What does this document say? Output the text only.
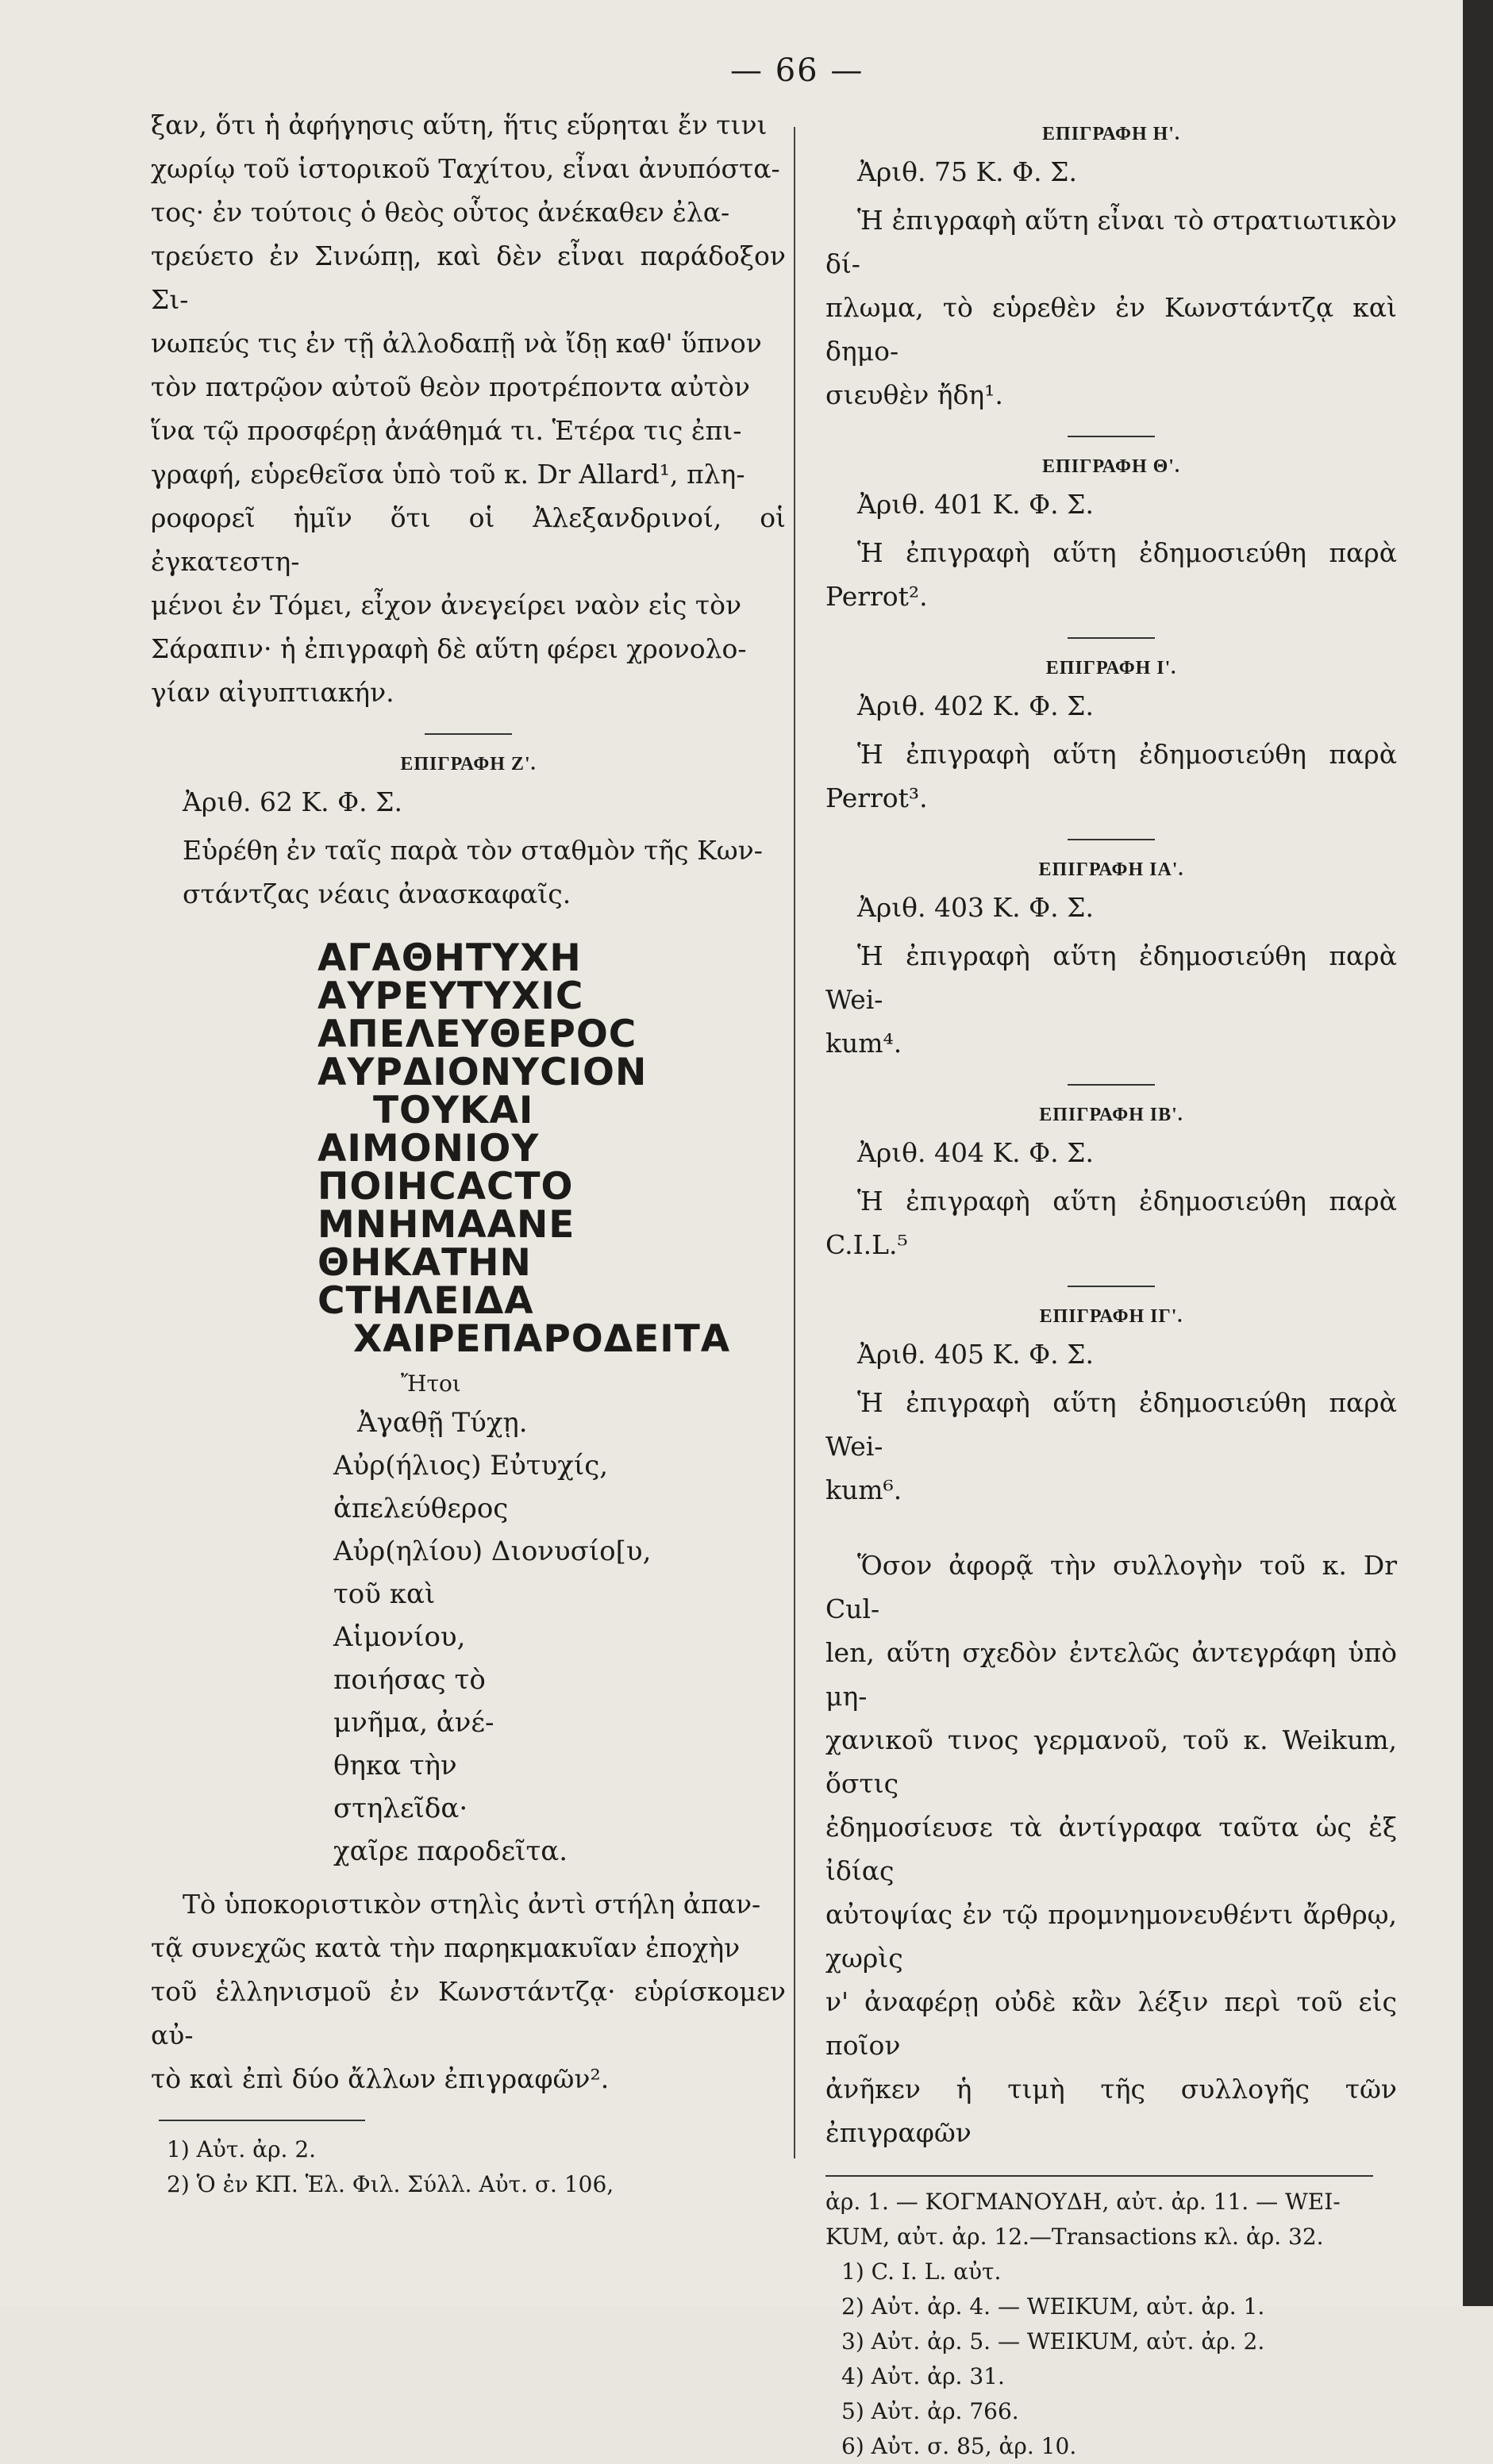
— 66 —

ξαν, ὅτι ἡ ἀφήγησις αὕτη, ἥτις εὕρηται ἔν τινι

χωρίῳ τοῦ ἱστορικοῦ Ταχίτου, εἶναι ἀνυπόστα-

τος· ἐν τούτοις ὁ θεὸς οὗτος ἀνέκαθεν ἐλα-

τρεύετο ἐν Σινώπῃ, καὶ δὲν εἶναι παράδοξον Σι-

νωπεύς τις ἐν τῇ ἀλλοδαπῇ νὰ ἴδῃ καθ' ὕπνον

τὸν πατρῷον αὐτοῦ θεὸν προτρέποντα αὐτὸν

ἵνα τῷ προσφέρῃ ἀνάθημά τι. Ἑτέρα τις ἐπι-

γραφή, εὑρεθεῖσα ὑπὸ τοῦ κ. Dr Allard¹, πλη-

ροφορεῖ ἡμῖν ὅτι οἱ Ἀλεξανδρινοί, οἱ ἐγκατεστη-

μένοι ἐν Τόμει, εἶχον ἀνεγείρει ναὸν εἰς τὸν

Σάραπιν· ἡ ἐπιγραφὴ δὲ αὕτη φέρει χρονολο-

γίαν αἰγυπτιακήν.

ΕΠΙΓΡΑΦΗ Ζ'.
Ἀριθ. 62 Κ. Φ. Σ.

Εὑρέθη ἐν ταῖς παρὰ τὸν σταθμὸν τῆς Κων-

στάντζας νέαις ἀνασκαφαῖς.

ΑΓΑΘΗΤΥΧΗ
ΑΥΡΕΥΤΥΧΙC
ΑΠΕΛΕΥΘΕΡΟC
ΑΥΡΔΙΟΝΥCΙΟΝ
ΤΟΥΚΑΙ
ΑΙΜΟΝΙΟΥ
ΠΟΙΗCΑCΤΟ
ΜΝΗΜΑΑΝΕ
ΘΗΚΑΤΗΝ
CΤΗΛΕΙΔΑ
ΧΑΙΡΕΠΑΡΟΔΕΙΤΑ
Ἤτοι
Ἀγαθῇ Τύχῃ.
Αὐρ(ήλιος) Εὐτυχίς,
ἀπελεύθερος
Αὐρ(ηλίου) Διονυσίο[υ,
τοῦ καὶ
Αἱμονίου,
ποιήσας τὸ
μνῆμα, ἀνέ-
θηκα τὴν
στηλεῖδα·
χαῖρε παροδεῖτα.

Τὸ ὑποκοριστικὸν στηλὶς ἀντὶ στήλη ἀπαν-

τᾷ συνεχῶς κατὰ τὴν παρηκμακυῖαν ἐποχὴν

τοῦ ἑλληνισμοῦ ἐν Κωνστάντζᾳ· εὑρίσκομεν αὐ-

τὸ καὶ ἐπὶ δύο ἄλλων ἐπιγραφῶν².

1) Αὐτ. ἀρ. 2.
2) Ὁ ἐν ΚΠ. Ἑλ. Φιλ. Σύλλ. Αὐτ. σ. 106,
ΕΠΙΓΡΑΦΗ Η'.
Ἀριθ. 75 Κ. Φ. Σ.

Ἡ ἐπιγραφὴ αὕτη εἶναι τὸ στρατιωτικὸν δί-

πλωμα, τὸ εὑρεθὲν ἐν Κωνστάντζᾳ καὶ δημο-

σιευθὲν ἤδη¹.

ΕΠΙΓΡΑΦΗ Θ'.
Ἀριθ. 401 Κ. Φ. Σ.

Ἡ ἐπιγραφὴ αὕτη ἐδημοσιεύθη παρὰ Perrot².

ΕΠΙΓΡΑΦΗ Ι'.
Ἀριθ. 402 Κ. Φ. Σ.

Ἡ ἐπιγραφὴ αὕτη ἐδημοσιεύθη παρὰ Perrot³.

ΕΠΙΓΡΑΦΗ ΙΑ'.
Ἀριθ. 403 Κ. Φ. Σ.

Ἡ ἐπιγραφὴ αὕτη ἐδημοσιεύθη παρὰ Wei-

kum⁴.

ΕΠΙΓΡΑΦΗ ΙΒ'.
Ἀριθ. 404 Κ. Φ. Σ.

Ἡ ἐπιγραφὴ αὕτη ἐδημοσιεύθη παρὰ C.I.L.⁵

ΕΠΙΓΡΑΦΗ ΙΓ'.
Ἀριθ. 405 Κ. Φ. Σ.

Ἡ ἐπιγραφὴ αὕτη ἐδημοσιεύθη παρὰ Wei-

kum⁶.

Ὅσον ἀφορᾷ τὴν συλλογὴν τοῦ κ. Dr Cul-

len, αὕτη σχεδὸν ἐντελῶς ἀντεγράφη ὑπὸ μη-

χανικοῦ τινος γερμανοῦ, τοῦ κ. Weikum, ὅστις

ἐδημοσίευσε τὰ ἀντίγραφα ταῦτα ὡς ἐξ ἰδίας

αὐτοψίας ἐν τῷ προμνημονευθέντι ἄρθρῳ, χωρὶς

ν' ἀναφέρῃ οὐδὲ κἂν λέξιν περὶ τοῦ εἰς ποῖον

ἀνῆκεν ἡ τιμὴ τῆς συλλογῆς τῶν ἐπιγραφῶν

ἀρ. 1. — ΚΟΓΜΑΝΟΥΔΗ, αὐτ. ἀρ. 11. — WEI-
KUM, αὐτ. ἀρ. 12.—Transactions κλ. ἀρ. 32.
1) C. I. L. αὐτ.
2) Αὐτ. ἀρ. 4. — WEIKUM, αὐτ. ἀρ. 1.
3) Αὐτ. ἀρ. 5. — WEIKUM, αὐτ. ἀρ. 2.
4) Αὐτ. ἀρ. 31.
5) Αὐτ. ἀρ. 766.
6) Αὐτ. σ. 85, ἀρ. 10.
